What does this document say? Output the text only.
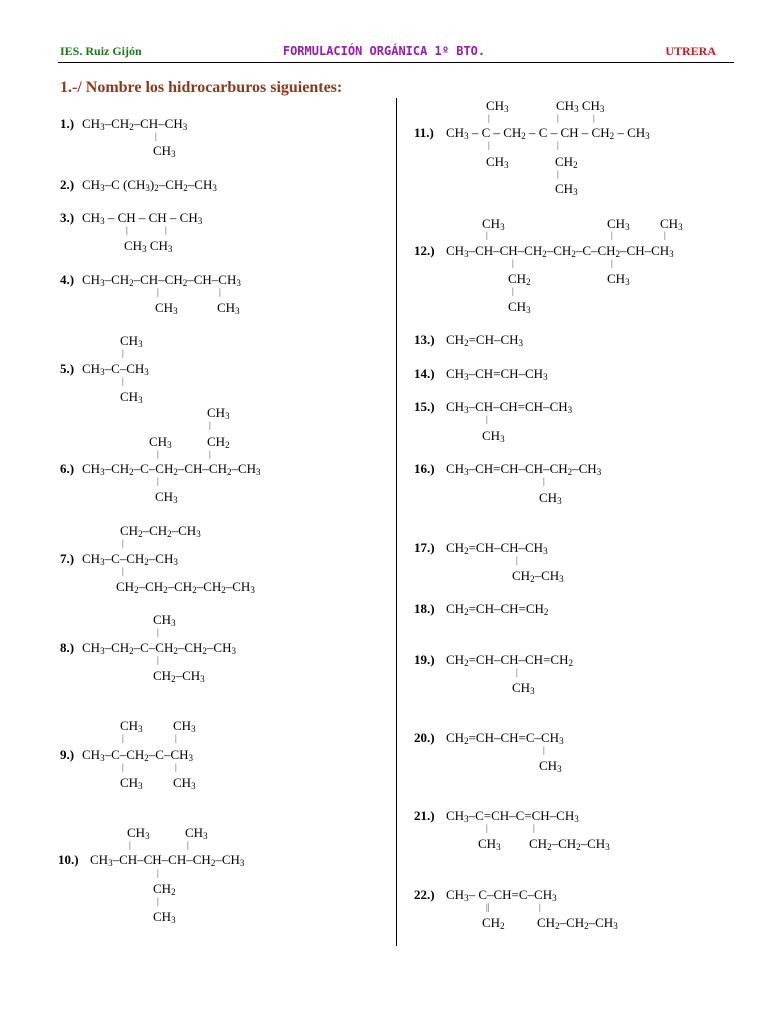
IES. Ruiz Gijón	FORMULACIÓN ORGÁNICA 1º BTO.	UTRERA
1.-/ Nombre los hidrocarburos siguientes:
1.) $CH_3-CH_2-CH-CH_3$
|
$CH_3$
2.) $CH_3-C$ $(CH_3)_2-CH_2-CH_3$
3.) $CH_3$ – CH – CH – $CH_3$
|	|
$CH_3$ $CH_3$
4.) $CH_3-CH_2-CH-CH_2-CH-CH_3$
|	|
$CH_3$	$CH_3$
$CH_3$
|
5.) $CH_3-C-CH_3$
|
$CH_3$
$CH_3$
|
$CH_3$	$CH_2$
|	|
6.) $CH_3-CH_2-C-CH_2-CH-CH_2-CH_3$
|
$CH_3$
$CH_2-CH_2-CH_3$
|
7.) $CH_3-C-CH_2-CH_3$
|
$CH_2-CH_2-CH_2-CH_2-CH_3$
$CH_3$
|
8.) $CH_3-CH_2-C-CH_2-CH_2-CH_3$
|
$CH_2-CH_3$
$CH_3$ $CH_3$
|	|
9.) $CH_3-C-CH_2-C-CH_3$
|	|
$CH_3$ $CH_3$
$CH_3$	$CH_3$
|	|
10.) $CH_3-CH-CH-CH-CH_2-CH_3$
|
$CH_2$
|
$CH_3$
$CH_3$	$CH_3$ $CH_3$
|	|	|
11.) $CH_3$ – C – $CH_2$ – C – CH – $CH_2 - CH_3$
|	|
$CH_3$	$CH_2$
|
$CH_3$
$CH_3$	$CH_3$ $CH_3$
|	|	|
12.) $CH_3-CH-CH-CH_2-CH_2-C-CH_2-CH-CH_3$
|	|
$CH_2$	$CH_3$
|
$CH_3$
13.) $CH_2=CH-CH_3$
14.) $CH_3-CH=CH-CH_3$
15.) $CH_3-CH-CH=CH-CH_3$
|
$CH_3$
16.) $CH_3-CH=CH-CH-CH_2-CH_3$
|
$CH_3$
17.) $CH_2=CH-CH-CH_3$
|
$CH_2-CH_3$
18.) $CH_2=CH-CH=CH_2$
19.) $CH_2=CH-CH-CH=CH_2$
|
$CH_3$
20.) $CH_2=CH-CH=C-CH_3$
|
$CH_3$
21.) $CH_3-C=CH-C=CH-CH_3$
|	|
$CH_3$ $CH_2-CH_2-CH_3$
22.) $CH_3-$ $C-CH=C-CH_3$
||	|
$CH_2$ $CH_2-CH_2-CH_3$
